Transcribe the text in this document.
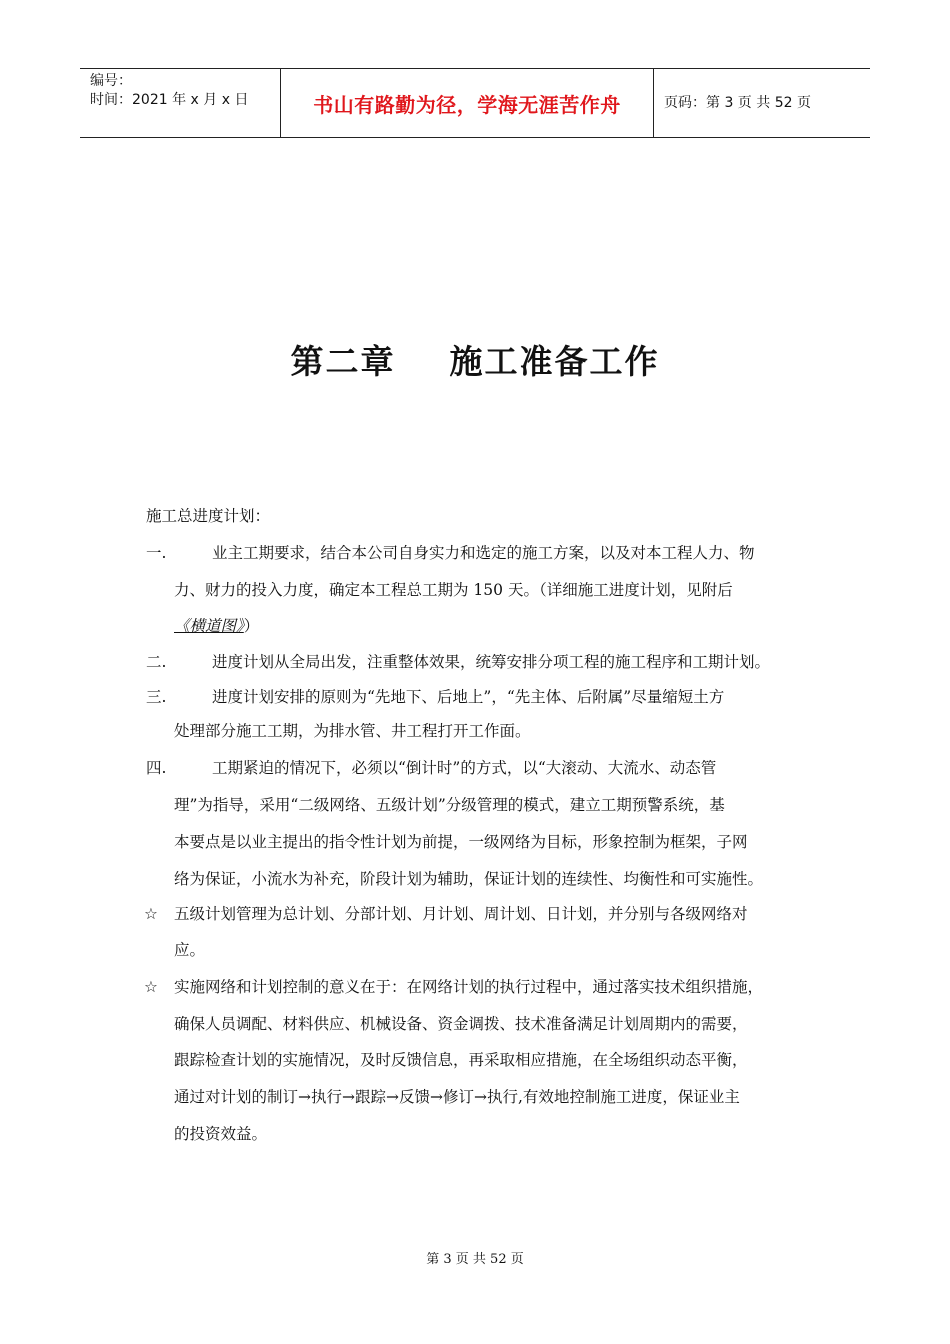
编号：
时间：2021 年 x 月 x 日	书山有路勤为径，学海无涯苦作舟	页码：第 3 页 共 52 页
第二章    施工准备工作
施工总进度计划：
一.	业主工期要求，结合本公司自身实力和选定的施工方案，以及对本工程人力、物
力、财力的投入力度，确定本工程总工期为 150 天。（详细施工进度计划，见附后
《横道图》）
二.	进度计划从全局出发，注重整体效果，统筹安排分项工程的施工程序和工期计划。
三.	进度计划安排的原则为“先地下、后地上”，“先主体、后附属”尽量缩短土方
处理部分施工工期，为排水管、井工程打开工作面。
四.	工期紧迫的情况下，必须以“倒计时”的方式，以“大滚动、大流水、动态管
理”为指导，采用“二级网络、五级计划”分级管理的模式，建立工期预警系统，基
本要点是以业主提出的指令性计划为前提，一级网络为目标，形象控制为框架，子网
络为保证，小流水为补充，阶段计划为辅助，保证计划的连续性、均衡性和可实施性。
☆ 五级计划管理为总计划、分部计划、月计划、周计划、日计划，并分别与各级网络对
应。
☆ 实施网络和计划控制的意义在于：在网络计划的执行过程中，通过落实技术组织措施，
确保人员调配、材料供应、机械设备、资金调拨、技术准备满足计划周期内的需要，
跟踪检查计划的实施情况，及时反馈信息，再采取相应措施，在全场组织动态平衡，
通过对计划的制订→执行→跟踪→反馈→修订→执行,有效地控制施工进度，保证业主
的投资效益。
第 3 页 共 52 页
